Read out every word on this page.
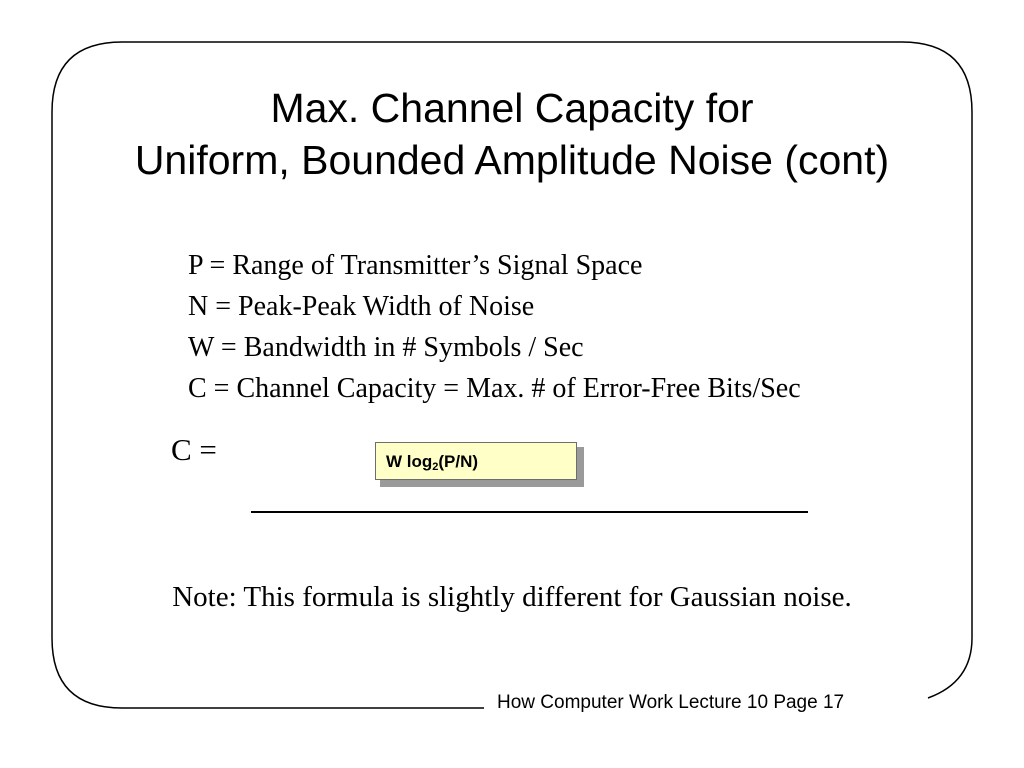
Max. Channel Capacity for
Uniform, Bounded Amplitude Noise (cont)
P = Range of Transmitter’s Signal Space
N = Peak-Peak Width of Noise
W = Bandwidth in # Symbols / Sec
C = Channel Capacity = Max. # of Error-Free Bits/Sec
C =	W $\log_2(P/N)$
Note: This formula is slightly different for Gaussian noise.
How Computer Work Lecture 10 Page 17
